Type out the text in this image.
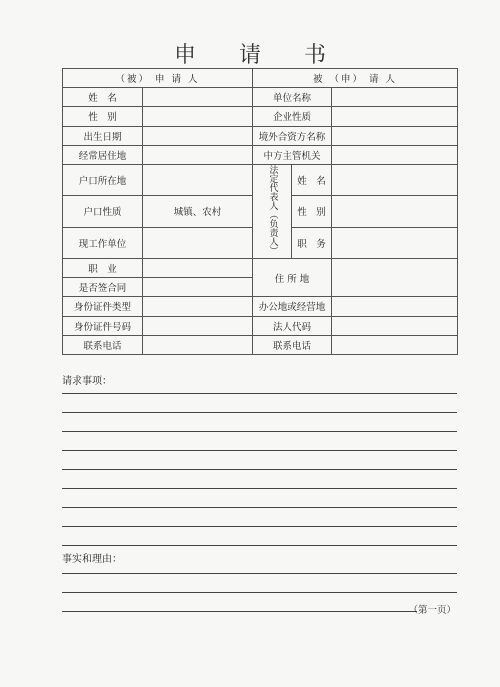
申 请 书
（被） 申 请 人		被 （申） 请 人		
姓　名		单位名称		
性　别		企业性质		
出生日期		境外合资方名称		
经常居住地		中方主管机关		
户口所在地		法定代表人（负责人）	姓　名	
户口性质	城镇、农村		性　别	
现工作单位			职　务	
职　业		住 所 地		
是否签合同				
身份证件类型		办公地或经营地		
身份证件号码		法人代码		
联系电话		联系电话		
请求事项：
事实和理由：
（第一页）
